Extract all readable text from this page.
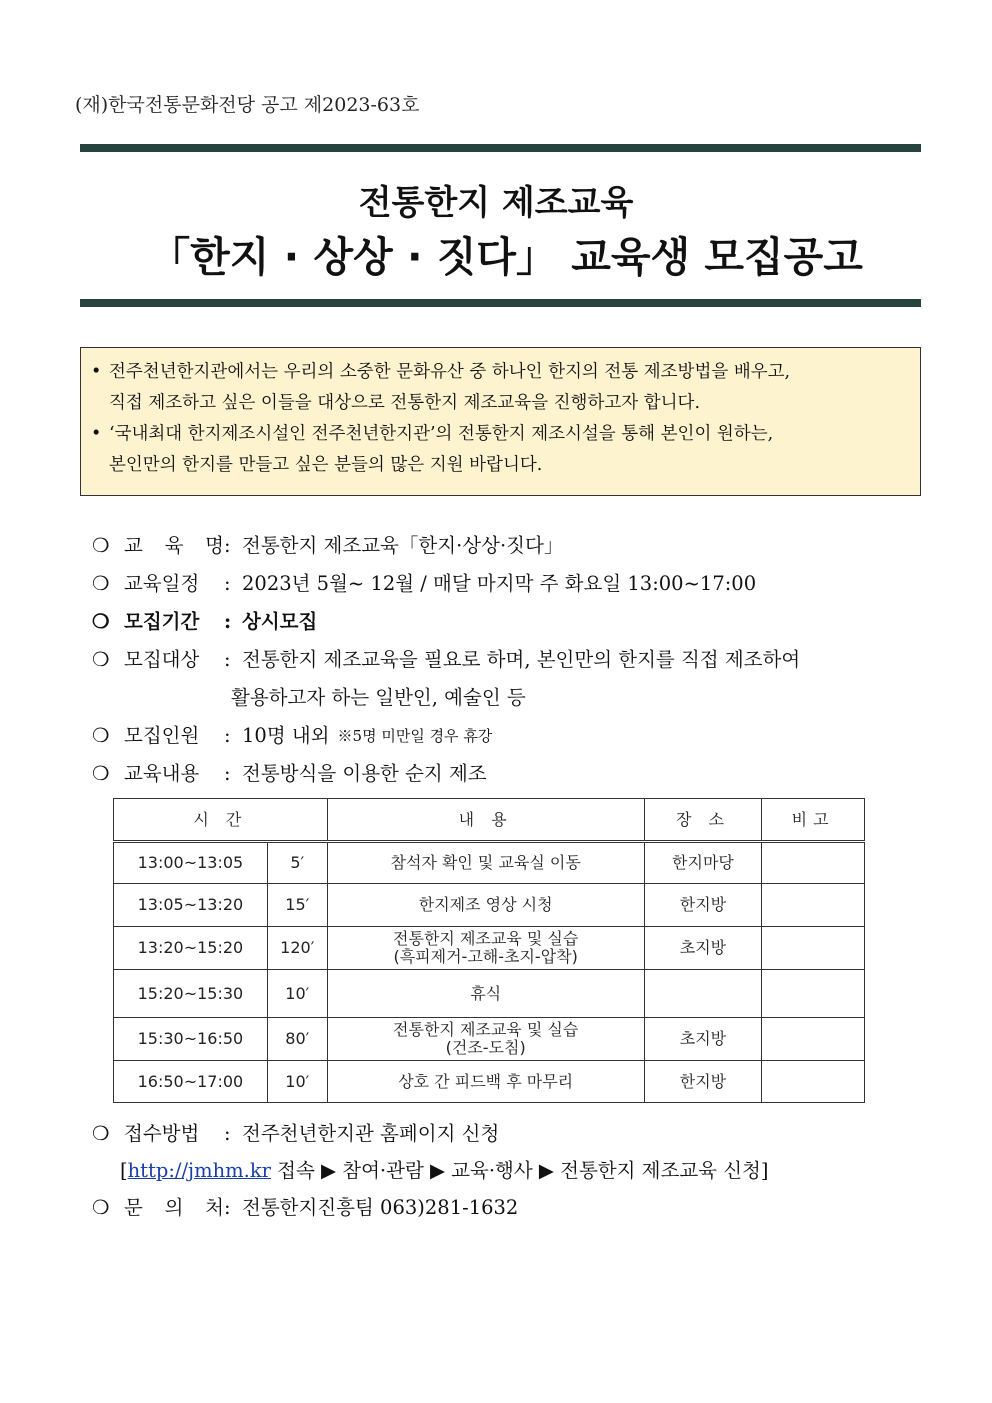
(재)한국전통문화전당 공고 제2023-63호
전통한지 제조교육
「한지 · 상상 · 짓다」 교육생 모집공고
• 전주천년한지관에서는 우리의 소중한 문화유산 중 하나인 한지의 전통 제조방법을 배우고,
직접 제조하고 싶은 이들을 대상으로 전통한지 제조교육을 진행하고자 합니다.
• ‘국내최대 한지제조시설인 전주천년한지관’의 전통한지 제조시설을 통해 본인이 원하는,
본인만의 한지를 만들고 싶은 분들의 많은 지원 바랍니다.
❍ 교 육 명 : 전통한지 제조교육「한지·상상·짓다」
❍ 교육일정	: 2023년 5월~ 12월 / 매달 마지막 주 화요일 13:00~17:00
❍ 모집기간	: 상시모집
❍ 모집대상	: 전통한지 제조교육을 필요로 하며, 본인만의 한지를 직접 제조하여
활용하고자 하는 일반인, 예술인 등
❍ 모집인원	: 10명 내외 ※5명 미만일 경우 휴강
❍ 교육내용	: 전통방식을 이용한 순지 제조
시 간		내 용	장 소	비고
13:00~13:05	5′	참석자 확인 및 교육실 이동	한지마당	
13:05~13:20	15′	한지제조 영상 시청	한지방	
13:20~15:20	120′	전통한지 제조교육 및 실습
(흑피제거-고해-초지-압착)	초지방	
15:20~15:30	10′	휴식		
15:30~16:50	80′	전통한지 제조교육 및 실습
(건조-도침)	초지방	
16:50~17:00	10′	상호 간 피드백 후 마무리	한지방	
❍ 접수방법	: 전주천년한지관 홈페이지 신청
[http://jmhm.kr 접속 ▶ 참여·관람 ▶ 교육·행사 ▶ 전통한지 제조교육 신청]
❍ 문 의 처 : 전통한지진흥팀 063)281-1632
